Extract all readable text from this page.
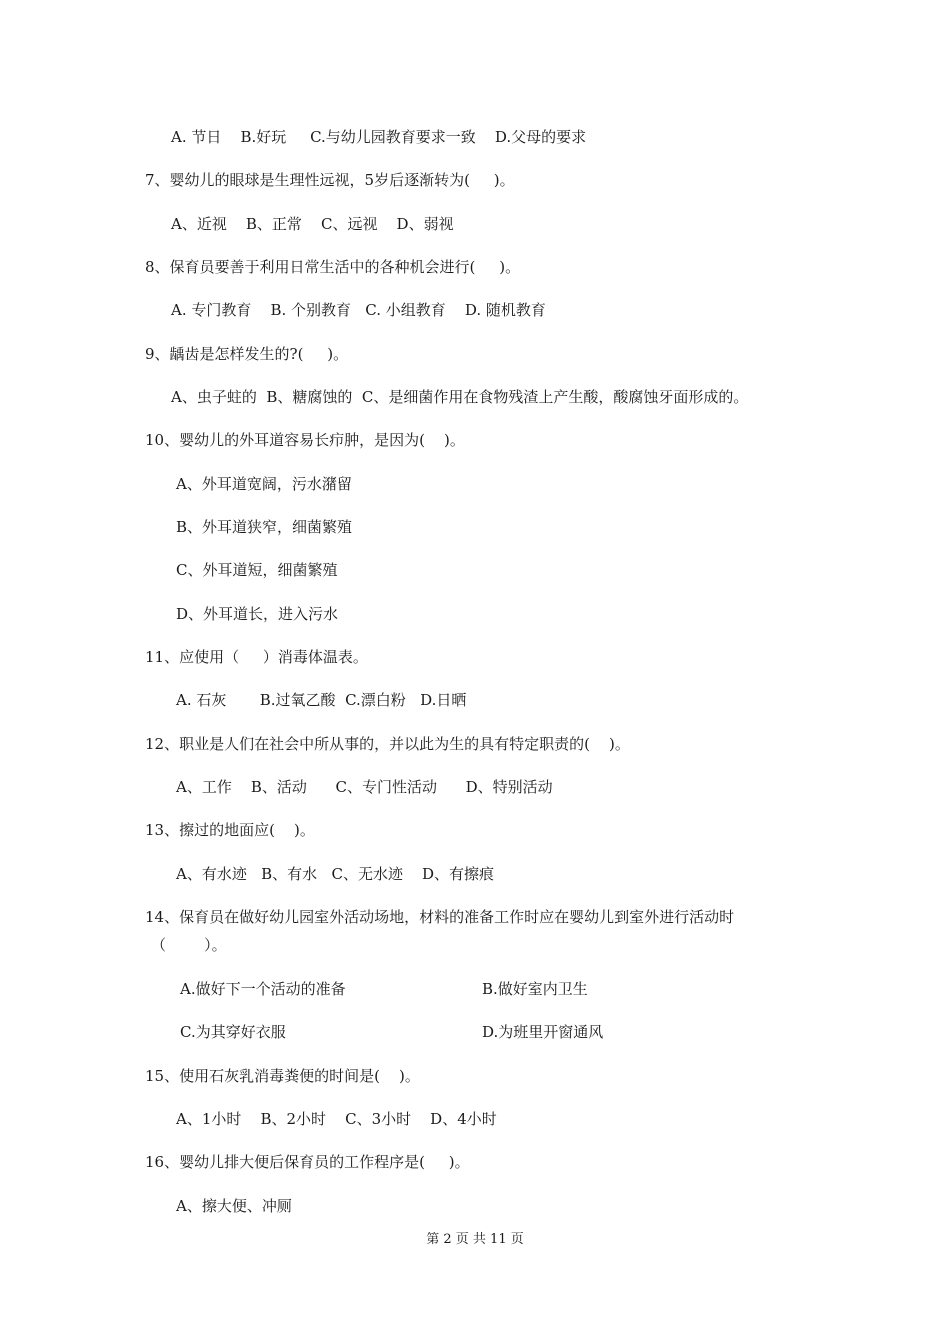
A. 节日    B.好玩     C.与幼儿园教育要求一致    D.父母的要求
7、婴幼儿的眼球是生理性远视，5岁后逐渐转为(     )。
A、近视    B、正常    C、远视    D、弱视
8、保育员要善于利用日常生活中的各种机会进行(     )。
A. 专门教育    B. 个别教育   C. 小组教育    D. 随机教育
9、龋齿是怎样发生的?(     )。
A、虫子蛀的  B、糖腐蚀的  C、是细菌作用在食物残渣上产生酸，酸腐蚀牙面形成的。
10、婴幼儿的外耳道容易长疖肿，是因为(    )。
A、外耳道宽阔，污水潴留
B、外耳道狭窄，细菌繁殖
C、外耳道短，细菌繁殖
D、外耳道长，进入污水
11、应使用（     ）消毒体温表。
A. 石灰       B.过氧乙酸  C.漂白粉   D.日晒
12、职业是人们在社会中所从事的，并以此为生的具有特定职责的(    )。
A、工作    B、活动      C、专门性活动      D、特别活动
13、擦过的地面应(    )。
A、有水迹   B、有水   C、无水迹    D、有擦痕
14、保育员在做好幼儿园室外活动场地，材料的准备工作时应在婴幼儿到室外进行活动时
（        ）。
A.做好下一个活动的准备	B.做好室内卫生
C.为其穿好衣服	D.为班里开窗通风
15、使用石灰乳消毒粪便的时间是(    )。
A、1小时    B、2小时    C、3小时    D、4小时
16、婴幼儿排大便后保育员的工作程序是(     )。
A、擦大便、冲厕
第 2 页 共 11 页
